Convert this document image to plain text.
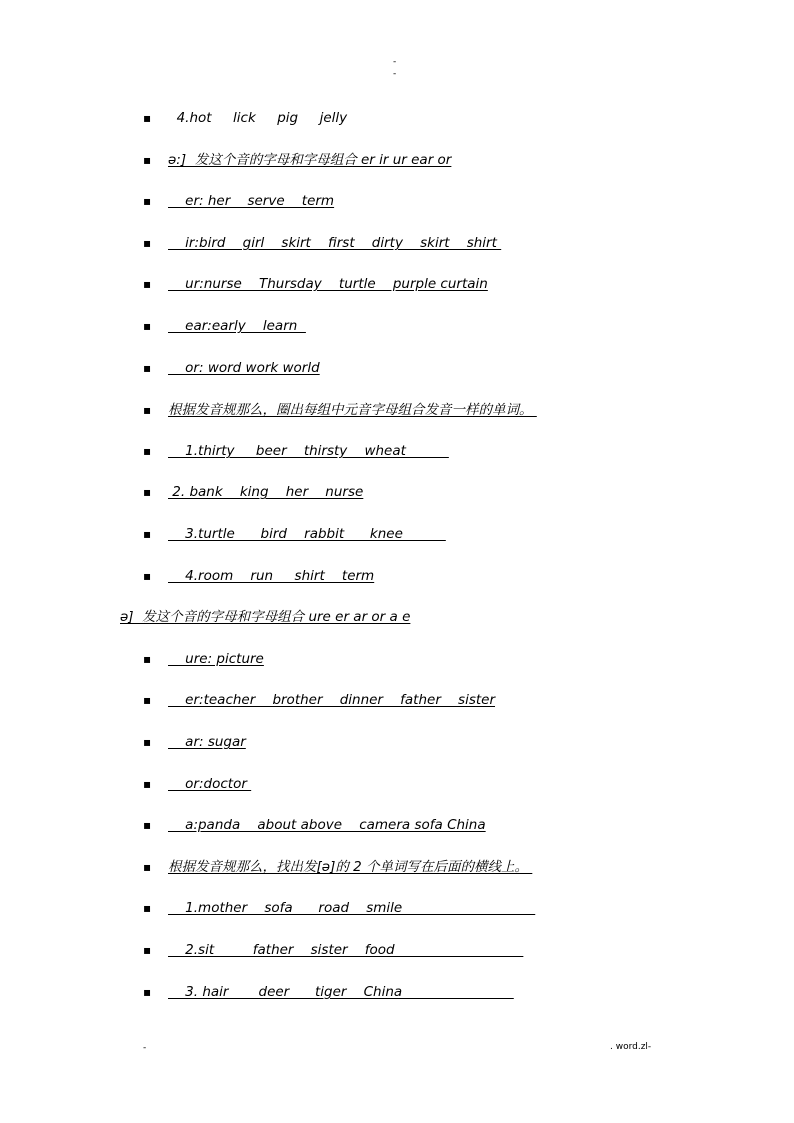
-
-
▪ 4.hot     lick     pig     jelly
▪ ə:]  发这个音的字母和字母组合 er ir ur ear or
▪ er: her    serve    term
▪ ir:bird    girl    skirt    first    dirty    skirt    shirt
▪ ur:nurse    Thursday    turtle    purple curtain
▪ ear:early    learn
▪ or: word work world
▪ 根据发音规那么，圈出每组中元音字母组合发音一样的单词。
▪ 1.thirty     beer    thirsty    wheat
▪ 2. bank    king    her    nurse
▪ 3.turtle      bird    rabbit      knee
▪ 4.room    run     shirt    term
ə]  发这个音的字母和字母组合 ure er ar or a e
▪ ure: picture
▪ er:teacher    brother    dinner    father    sister
▪ ar: sugar
▪ or:doctor
▪ a:panda    about above    camera sofa China
▪ 根据发音规那么，找出发[ə]的 2 个单词写在后面的横线上。
▪ 1.mother    sofa      road    smile
▪ 2.sit         father    sister    food
▪ 3. hair       deer      tiger    China
-	. word.zl-
